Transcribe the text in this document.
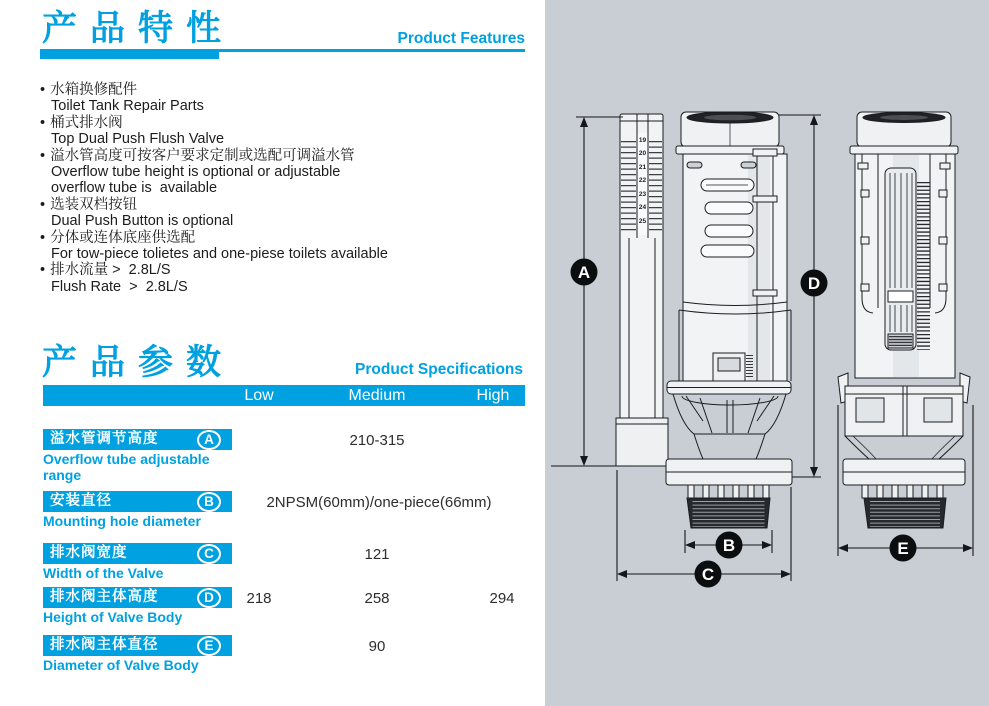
产品特性	Product Features
• 水箱换修配件
Toilet Tank Repair Parts
• 桶式排水阀
Top Dual Push Flush Valve
• 溢水管高度可按客户要求定制或选配可调溢水管
Overflow tube height is optional or adjustable
overflow tube is  available
• 选装双档按钮
Dual Push Button is optional
• 分体或连体底座供选配
For tow-piece tolietes and one-piese toilets available
• 排水流量 >  2.8L/S
Flush Rate  >  2.8L/S
产品参数	Product Specifications
Low	Medium	High
溢水管调节高度	A
Overflow tube adjustable range
210-315
安装直径	B
Mounting hole diameter
2NPSM(60mm)/one-piece(66mm)
排水阀宽度	C
Width of the Valve
121
排水阀主体高度	D
Height of Valve Body
218	258	294
排水阀主体直径	E
Diameter of Valve Body
90
19
20
21
22
23
24
25
A
D
B
C
E
